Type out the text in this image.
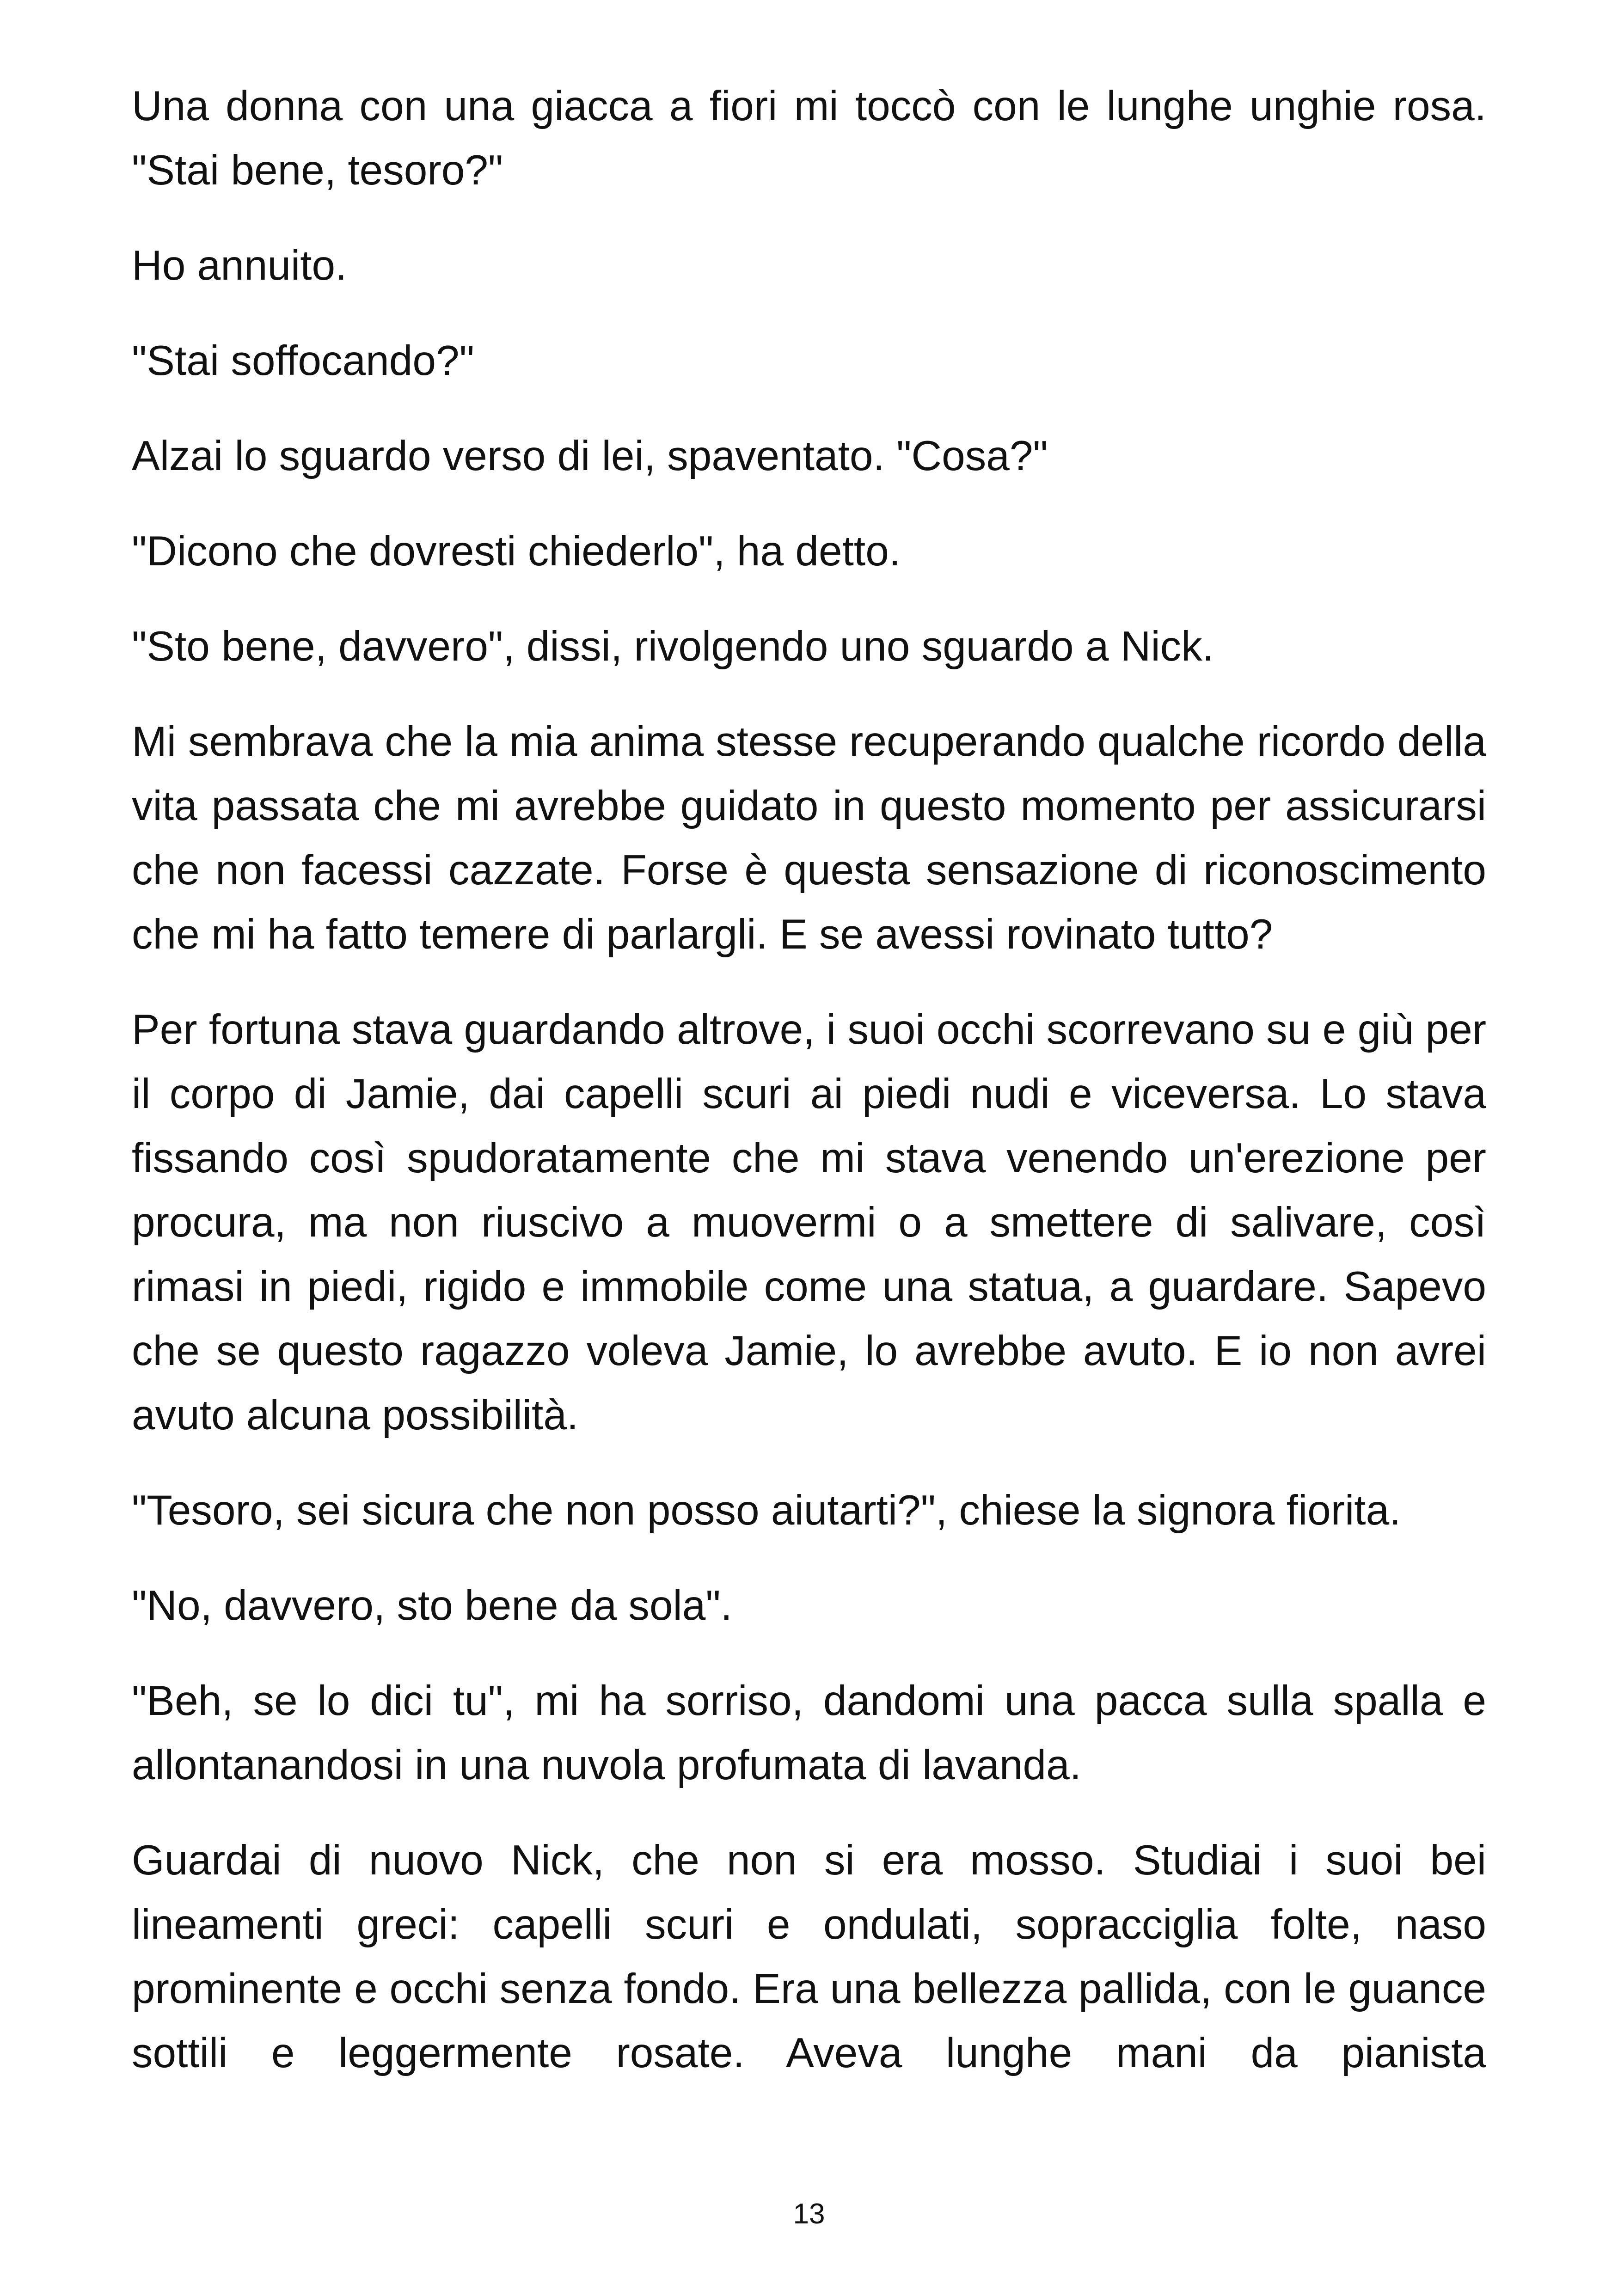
Una donna con una giacca a fiori mi toccò con le lunghe unghie rosa. "Stai bene, tesoro?"

Ho annuito.

"Stai soffocando?"

Alzai lo sguardo verso di lei, spaventato. "Cosa?"

"Dicono che dovresti chiederlo", ha detto.

"Sto bene, davvero", dissi, rivolgendo uno sguardo a Nick.

Mi sembrava che la mia anima stesse recuperando qualche ricordo della vita passata che mi avrebbe guidato in questo momento per assicurarsi che non facessi cazzate. Forse è questa sensazione di riconoscimento che mi ha fatto temere di parlargli. E se avessi rovinato tutto?

Per fortuna stava guardando altrove, i suoi occhi scorrevano su e giù per il corpo di Jamie, dai capelli scuri ai piedi nudi e viceversa. Lo stava fissando così spudoratamente che mi stava venendo un'erezione per procura, ma non riuscivo a muovermi o a smettere di salivare, così rimasi in piedi, rigido e immobile come una statua, a guardare. Sapevo che se questo ragazzo voleva Jamie, lo avrebbe avuto. E io non avrei avuto alcuna possibilità.

"Tesoro, sei sicura che non posso aiutarti?", chiese la signora fiorita.

"No, davvero, sto bene da sola".

"Beh, se lo dici tu", mi ha sorriso, dandomi una pacca sulla spalla e allontanandosi in una nuvola profumata di lavanda.

Guardai di nuovo Nick, che non si era mosso. Studiai i suoi bei lineamenti greci: capelli scuri e ondulati, sopracciglia folte, naso prominente e occhi senza fondo. Era una bellezza pallida, con le guance sottili e leggermente rosate. Aveva lunghe mani da pianista

13
